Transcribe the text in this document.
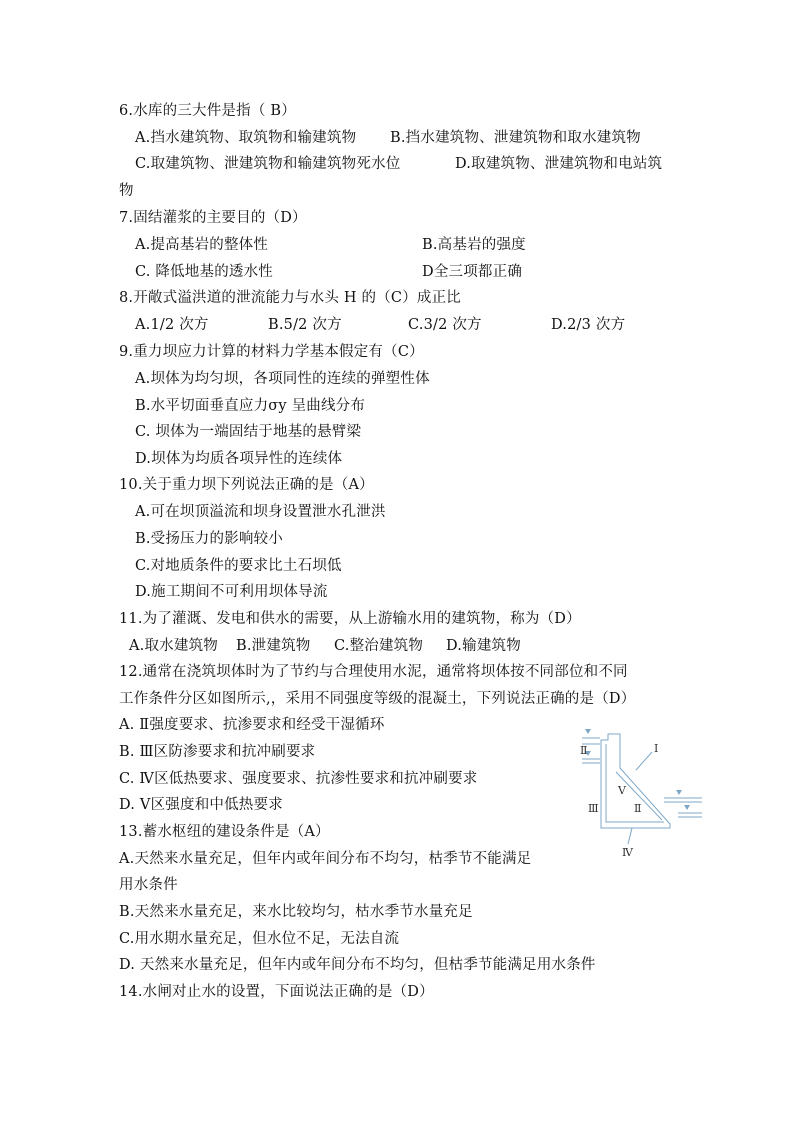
6.水库的三大件是指（ B）
A.挡水建筑物、取筑物和输建筑物 B.挡水建筑物、泄建筑物和取水建筑物
C.取建筑物、泄建筑物和输建筑物死水位	D.取建筑物、泄建筑物和电站筑
物
7.固结灌浆的主要目的（D）
A.提高基岩的整体性	B.高基岩的强度
C. 降低地基的透水性	D全三项都正确
8.开敞式溢洪道的泄流能力与水头 H 的（C）成正比
A.1/2 次方	B.5/2 次方	C.3/2 次方	D.2/3 次方
9.重力坝应力计算的材料力学基本假定有（C）
A.坝体为均匀坝，各项同性的连续的弹塑性体
B.水平切面垂直应力σy 呈曲线分布
C. 坝体为一端固结于地基的悬臂梁
D.坝体为均质各项异性的连续体
10.关于重力坝下列说法正确的是（A）
A.可在坝顶溢流和坝身设置泄水孔泄洪
B.受扬压力的影响较小
C.对地质条件的要求比土石坝低
D.施工期间不可利用坝体导流
11.为了灌溉、发电和供水的需要，从上游输水用的建筑物，称为（D）
A.取水建筑物 B.泄建筑物 C.整治建筑物 D.输建筑物
12.通常在浇筑坝体时为了节约与合理使用水泥，通常将坝体按不同部位和不同
工作条件分区如图所示,，采用不同强度等级的混凝土，下列说法正确的是（D）
A. Ⅱ强度要求、抗渗要求和经受干湿循环
B. Ⅲ区防渗要求和抗冲刷要求
C. Ⅳ区低热要求、强度要求、抗渗性要求和抗冲刷要求
D. Ⅴ区强度和中低热要求
Ⅱ	Ⅰ
Ⅴ
Ⅲ	Ⅱ
Ⅳ
13.蓄水枢纽的建设条件是（A）
A.天然来水量充足，但年内或年间分布不均匀，枯季节不能满足
用水条件
B.天然来水量充足，来水比较均匀，枯水季节水量充足
C.用水期水量充足，但水位不足，无法自流
D. 天然来水量充足，但年内或年间分布不均匀，但枯季节能满足用水条件
14.水闸对止水的设置，下面说法正确的是（D）
